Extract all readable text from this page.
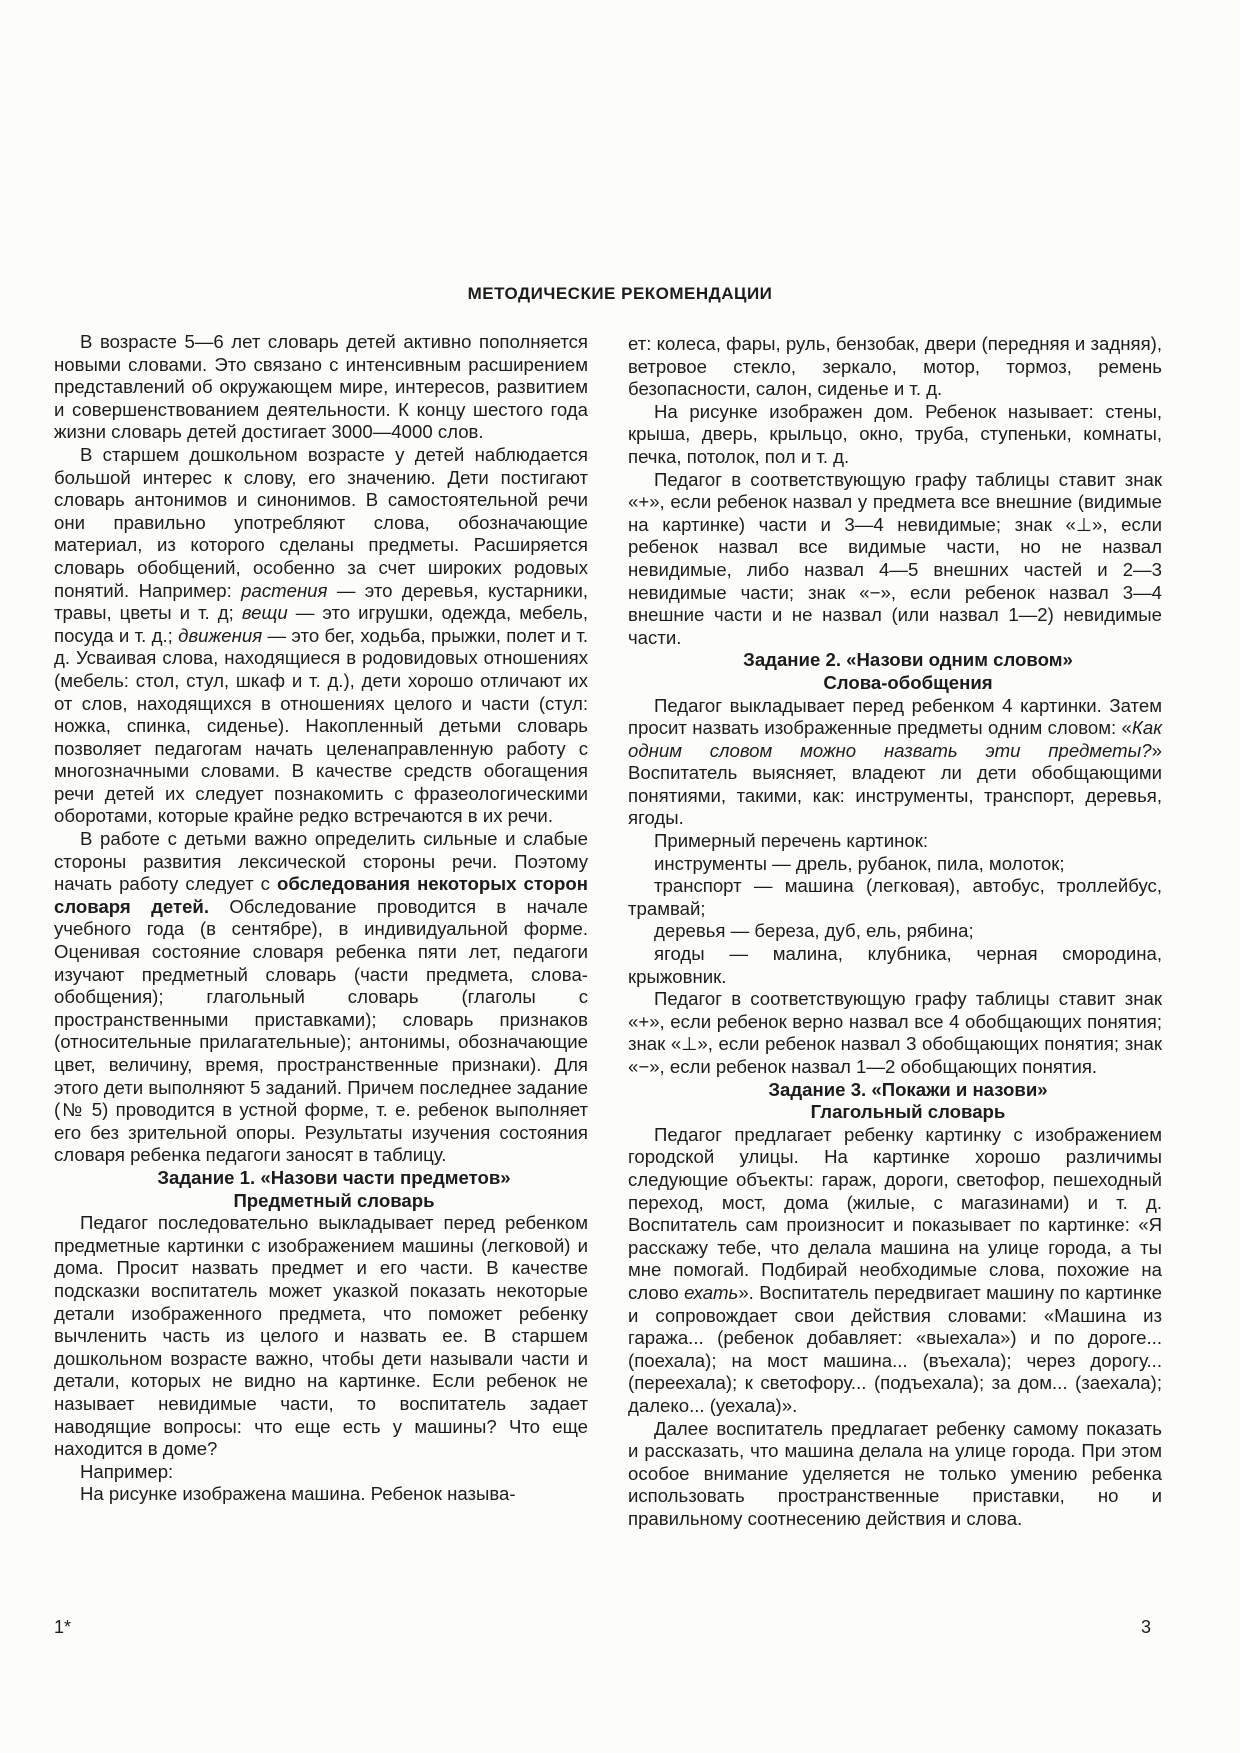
МЕТОДИЧЕСКИЕ РЕКОМЕНДАЦИИ

В возрасте 5—6 лет словарь детей активно пополняется новыми словами. Это связано с интенсивным расширением представлений об окружающем мире, интересов, развитием и совершенствованием деятельности. К концу шестого года жизни словарь детей достигает 3000—4000 слов.

В старшем дошкольном возрасте у детей наблюдается большой интерес к слову, его значению. Дети постигают словарь антонимов и синонимов. В самостоятельной речи они правильно употребляют слова, обозначающие материал, из которого сделаны предметы. Расширяется словарь обобщений, особенно за счет широких родовых понятий. Например: растения — это деревья, кустарники, травы, цветы и т. д; вещи — это игрушки, одежда, мебель, посуда и т. д.; движения — это бег, ходьба, прыжки, полет и т. д. Усваивая слова, находящиеся в родовидовых отношениях (мебель: стол, стул, шкаф и т. д.), дети хорошо отличают их от слов, находящихся в отношениях целого и части (стул: ножка, спинка, сиденье). Накопленный детьми словарь позволяет педагогам начать целенаправленную работу с многозначными словами. В качестве средств обогащения речи детей их следует познакомить с фразеологическими оборотами, которые крайне редко встречаются в их речи.

В работе с детьми важно определить сильные и слабые стороны развития лексической стороны речи. Поэтому начать работу следует с обследования некоторых сторон словаря детей. Обследование проводится в начале учебного года (в сентябре), в индивидуальной форме. Оценивая состояние словаря ребенка пяти лет, педагоги изучают предметный словарь (части предмета, слова-обобщения); глагольный словарь (глаголы с пространственными приставками); словарь признаков (относительные прилагательные); антонимы, обозначающие цвет, величину, время, пространственные признаки). Для этого дети выполняют 5 заданий. Причем последнее задание (№ 5) проводится в устной форме, т. е. ребенок выполняет его без зрительной опоры. Результаты изучения состояния словаря ребенка педагоги заносят в таблицу.

Задание 1. «Назови части предметов»
Предметный словарь

Педагог последовательно выкладывает перед ребенком предметные картинки с изображением машины (легковой) и дома. Просит назвать предмет и его части. В качестве подсказки воспитатель может указкой показать некоторые детали изображенного предмета, что поможет ребенку вычленить часть из целого и назвать ее. В старшем дошкольном возрасте важно, чтобы дети называли части и детали, которых не видно на картинке. Если ребенок не называет невидимые части, то воспитатель задает наводящие вопросы: что еще есть у машины? Что еще находится в доме?

Например:

На рисунке изображена машина. Ребенок называ-

ет: колеса, фары, руль, бензобак, двери (передняя и задняя), ветровое стекло, зеркало, мотор, тормоз, ремень безопасности, салон, сиденье и т. д.

На рисунке изображен дом. Ребенок называет: стены, крыша, дверь, крыльцо, окно, труба, ступеньки, комнаты, печка, потолок, пол и т. д.

Педагог в соответствующую графу таблицы ставит знак «+», если ребенок назвал у предмета все внешние (видимые на картинке) части и 3—4 невидимые; знак «⊥», если ребенок назвал все видимые части, но не назвал невидимые, либо назвал 4—5 внешних частей и 2—3 невидимые части; знак «−», если ребенок назвал 3—4 внешние части и не назвал (или назвал 1—2) невидимые части.

Задание 2. «Назови одним словом»
Слова-обобщения

Педагог выкладывает перед ребенком 4 картинки. Затем просит назвать изображенные предметы одним словом: «Как одним словом можно назвать эти предметы?» Воспитатель выясняет, владеют ли дети обобщающими понятиями, такими, как: инструменты, транспорт, деревья, ягоды.

Примерный перечень картинок:

инструменты — дрель, рубанок, пила, молоток;

транспорт — машина (легковая), автобус, троллейбус, трамвай;

деревья — береза, дуб, ель, рябина;

ягоды — малина, клубника, черная смородина, крыжовник.

Педагог в соответствующую графу таблицы ставит знак «+», если ребенок верно назвал все 4 обобщающих понятия; знак «⊥», если ребенок назвал 3 обобщающих понятия; знак «−», если ребенок назвал 1—2 обобщающих понятия.

Задание 3. «Покажи и назови»
Глагольный словарь

Педагог предлагает ребенку картинку с изображением городской улицы. На картинке хорошо различимы следующие объекты: гараж, дороги, светофор, пешеходный переход, мост, дома (жилые, с магазинами) и т. д. Воспитатель сам произносит и показывает по картинке: «Я расскажу тебе, что делала машина на улице города, а ты мне помогай. Подбирай необходимые слова, похожие на слово ехать». Воспитатель передвигает машину по картинке и сопровождает свои действия словами: «Машина из гаража... (ребенок добавляет: «выехала») и по дороге... (поехала); на мост машина... (въехала); через дорогу... (переехала); к светофору... (подъехала); за дом... (заехала); далеко... (уехала)».

Далее воспитатель предлагает ребенку самому показать и рассказать, что машина делала на улице города. При этом особое внимание уделяется не только умению ребенка использовать пространственные приставки, но и правильному соотнесению действия и слова.

1*	3
